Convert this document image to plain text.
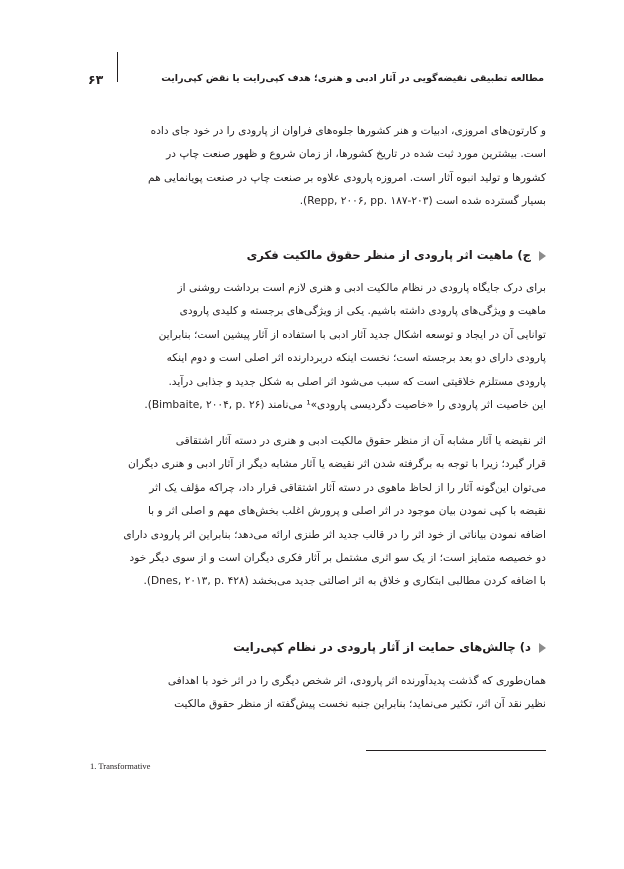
۶۳	مطالعه تطبیقی نقیضه‌گویی در آثار ادبی و هنری؛ هدف کپی‌رایت یا نقض کپی‌رایت
و کارتون‌های امروزی، ادبیات و هنر کشورها جلوه‌های فراوان از پارودی را در خود جای داده
است. بیشترین مورد ثبت شده در تاریخ کشورها، از زمان شروع و ظهور صنعت چاپ در
کشورها و تولید انبوه آثار است. امروزه پارودی علاوه بر صنعت چاپ در صنعت پویانمایی هم
بسیار گسترده شده است (Repp, ۲۰۰۶, pp. ۱۸۷-۲۰۳).
ج) ماهیت اثر پارودی از منظر حقوق مالکیت فکری
برای درک جایگاه پارودی در نظام مالکیت ادبی و هنری لازم است برداشت روشنی از
ماهیت و ویژگی‌های پارودی داشته باشیم. یکی از ویژگی‌های برجسته و کلیدی پارودی
توانایی آن در ایجاد و توسعه اشکال جدید آثار ادبی با استفاده از آثار پیشین است؛ بنابراین
پارودی دارای دو بعد برجسته است؛ نخست اینکه دربردارنده اثر اصلی است و دوم اینکه
پارودی مستلزم خلاقیتی است که سبب می‌شود اثر اصلی به شکل جدید و جذابی درآید.
این خاصیت اثر پارودی را «خاصیت دگردیسی پارودی»¹ می‌نامند (Bimbaite, ۲۰۰۴, p. ۲۶).
اثر نقیضه یا آثار مشابه آن از منظر حقوق مالکیت ادبی و هنری در دسته آثار اشتقاقی
قرار گیرد؛ زیرا با توجه به برگرفته شدن اثر نقیضه یا آثار مشابه دیگر از آثار ادبی و هنری دیگران
می‌توان این‌گونه آثار را از لحاظ ماهوی در دسته آثار اشتقاقی قرار داد، چراکه مؤلف یک اثر
نقیضه با کپی نمودن بیان موجود در اثر اصلی و پرورش اغلب بخش‌های مهم و اصلی اثر و با
اضافه نمودن بیاناتی از خود اثر را در قالب جدید اثر طنزی ارائه می‌دهد؛ بنابراین اثر پارودی دارای
دو خصیصه متمایز است؛ از یک سو اثری مشتمل بر آثار فکری دیگران است و از سوی دیگر خود
با اضافه کردن مطالبی ابتکاری و خلاق به اثر اصالتی جدید می‌بخشد (Dnes, ۲۰۱۳, p. ۴۲۸).
د) چالش‌های حمایت از آثار پارودی در نظام کپی‌رایت
همان‌طوری که گذشت پدیدآورنده اثر پارودی، اثر شخص دیگری را در اثر خود با اهدافی
نظیر نقد آن اثر، تکثیر می‌نماید؛ بنابراین جنبه نخست پیش‌گفته از منظر حقوق مالکیت
1. Transformative
